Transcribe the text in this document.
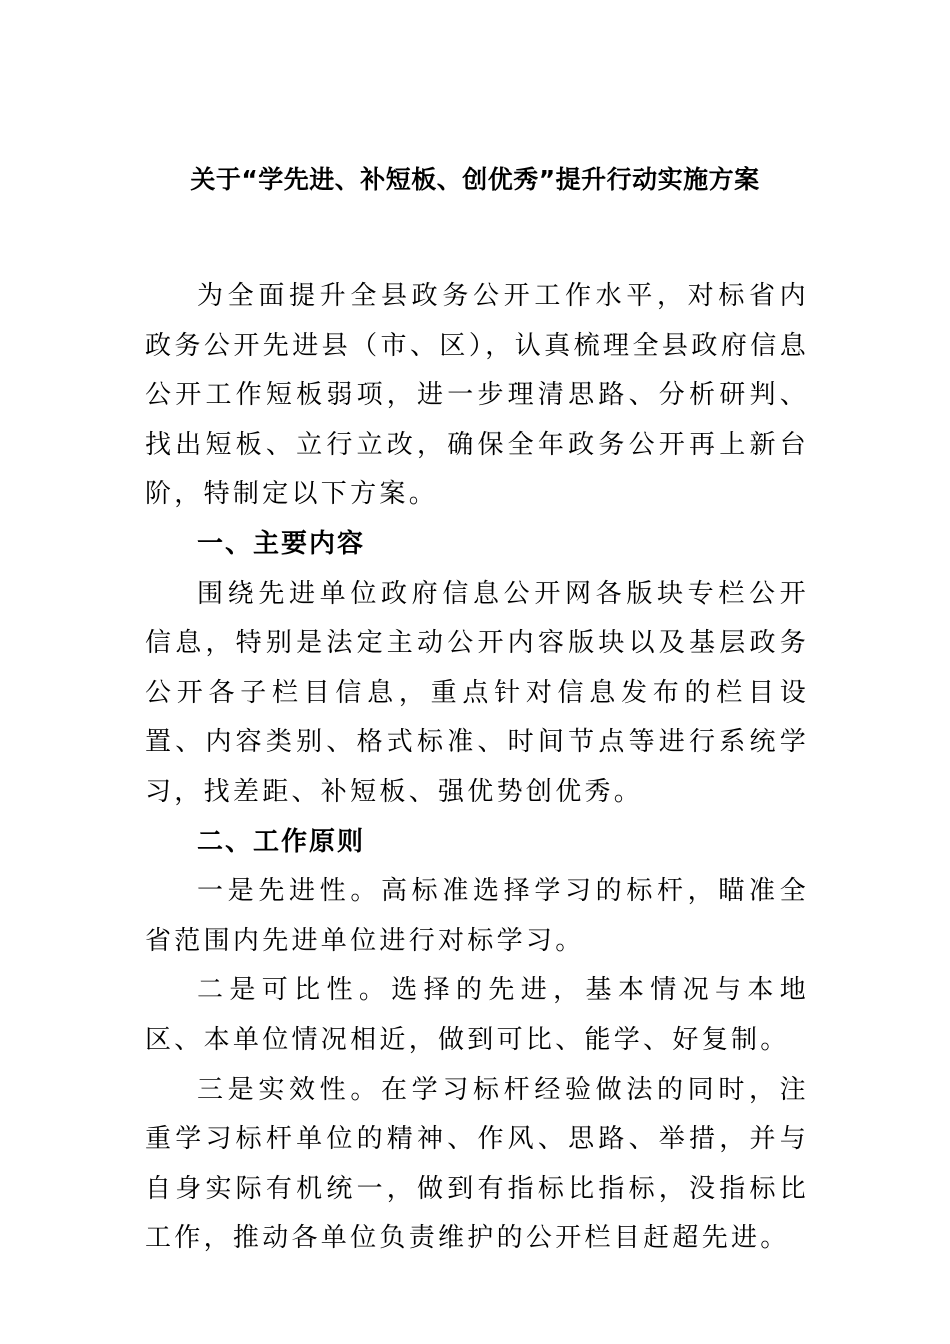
关于“学先进、补短板、创优秀”提升行动实施方案

为全面提升全县政务公开工作水平，对标省内政务公开先进县（市、区），认真梳理全县政府信息公开工作短板弱项，进一步理清思路、分析研判、找出短板、立行立改，确保全年政务公开再上新台阶，特制定以下方案。

一、主要内容

围绕先进单位政府信息公开网各版块专栏公开信息，特别是法定主动公开内容版块以及基层政务公开各子栏目信息，重点针对信息发布的栏目设置、内容类别、格式标准、时间节点等进行系统学习，找差距、补短板、强优势创优秀。

二、工作原则

一是先进性。高标准选择学习的标杆，瞄准全省范围内先进单位进行对标学习。

二是可比性。选择的先进，基本情况与本地区、本单位情况相近，做到可比、能学、好复制。

三是实效性。在学习标杆经验做法的同时，注重学习标杆单位的精神、作风、思路、举措，并与自身实际有机统一，做到有指标比指标，没指标比工作，推动各单位负责维护的公开栏目赶超先进。
